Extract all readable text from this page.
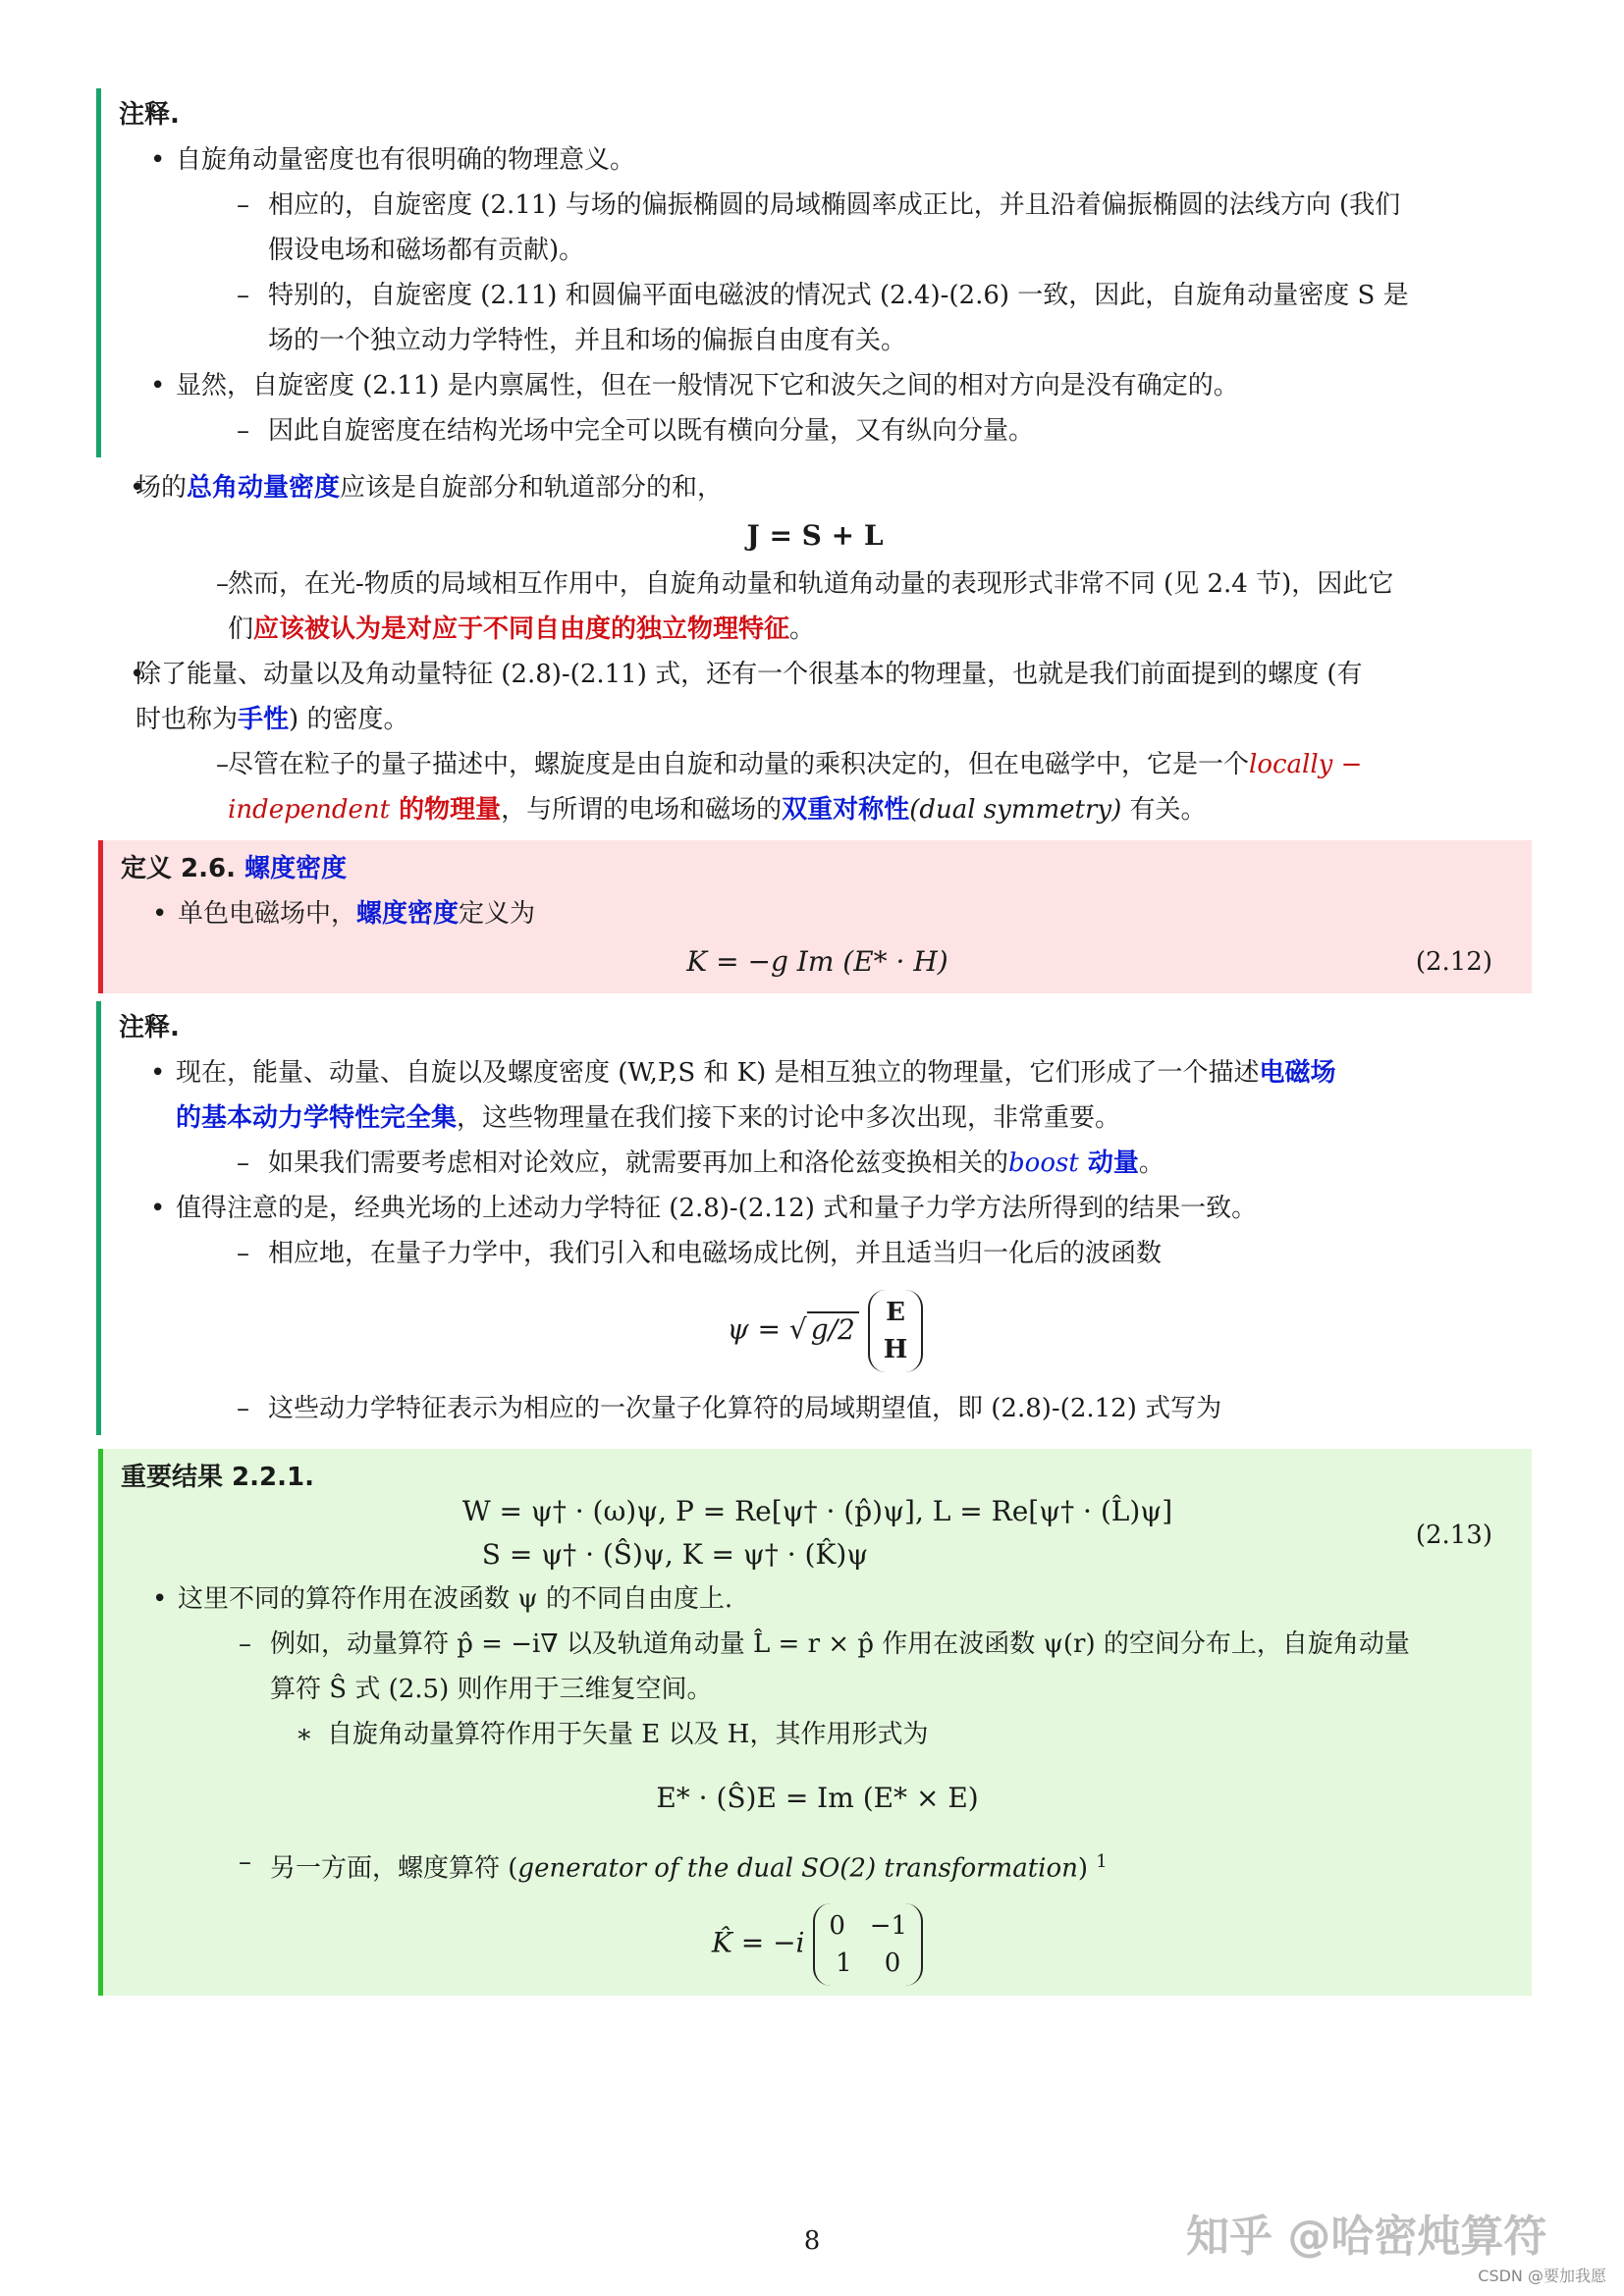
注释.
• 自旋角动量密度也有很明确的物理意义。
– 相应的，自旋密度 (2.11) 与场的偏振椭圆的局域椭圆率成正比，并且沿着偏振椭圆的法线方向 (我们
假设电场和磁场都有贡献)。
– 特别的，自旋密度 (2.11) 和圆偏平面电磁波的情况式 (2.4)-(2.6) 一致，因此，自旋角动量密度 S 是
场的一个独立动力学特性，并且和场的偏振自由度有关。
• 显然，自旋密度 (2.11) 是内禀属性，但在一般情况下它和波矢之间的相对方向是没有确定的。
– 因此自旋密度在结构光场中完全可以既有横向分量，又有纵向分量。
• 场的总角动量密度应该是自旋部分和轨道部分的和，
J = S + L
– 然而，在光-物质的局域相互作用中，自旋角动量和轨道角动量的表现形式非常不同 (见 2.4 节)，因此它
们应该被认为是对应于不同自由度的独立物理特征。
• 除了能量、动量以及角动量特征 (2.8)-(2.11) 式，还有一个很基本的物理量，也就是我们前面提到的螺度 (有
时也称为手性) 的密度。
– 尽管在粒子的量子描述中，螺旋度是由自旋和动量的乘积决定的，但在电磁学中，它是一个locally −
independent 的物理量，与所谓的电场和磁场的双重对称性(dual symmetry) 有关。
定义 2.6. 螺度密度
• 单色电磁场中，螺度密度定义为
K = −g Im (E* · H)	(2.12)
注释.
• 现在，能量、动量、自旋以及螺度密度 (W,P,S 和 K) 是相互独立的物理量，它们形成了一个描述电磁场
的基本动力学特性完全集，这些物理量在我们接下来的讨论中多次出现，非常重要。
– 如果我们需要考虑相对论效应，就需要再加上和洛伦兹变换相关的boost 动量。
• 值得注意的是，经典光场的上述动力学特征 (2.8)-(2.12) 式和量子力学方法所得到的结果一致。
– 相应地，在量子力学中，我们引入和电磁场成比例，并且适当归一化后的波函数
ψ = √ g/2 E
H
– 这些动力学特征表示为相应的一次量子化算符的局域期望值，即 (2.8)-(2.12) 式写为
重要结果 2.2.1.
W = ψ† · (ω)ψ, P = Re[ψ† · (p̂)ψ], L = Re[ψ† · (L̂)ψ]
S = ψ† · (Ŝ)ψ, K = ψ† · (K̂)ψ
(2.13)
• 这里不同的算符作用在波函数 ψ 的不同自由度上.
– 例如，动量算符 p̂ = −i∇ 以及轨道角动量 L̂ = r × p̂ 作用在波函数 ψ(r) 的空间分布上，自旋角动量
算符 Ŝ 式 (2.5) 则作用于三维复空间。
∗ 自旋角动量算符作用于矢量 E 以及 H，其作用形式为
E* · (Ŝ)E = Im (E* × E)
– 另一方面，螺度算符 (generator of the dual SO(2) transformation) $^1$
K̂ = −i 0 −1
1 0
8	知乎 @哈密炖算符
CSDN @要加我愿
